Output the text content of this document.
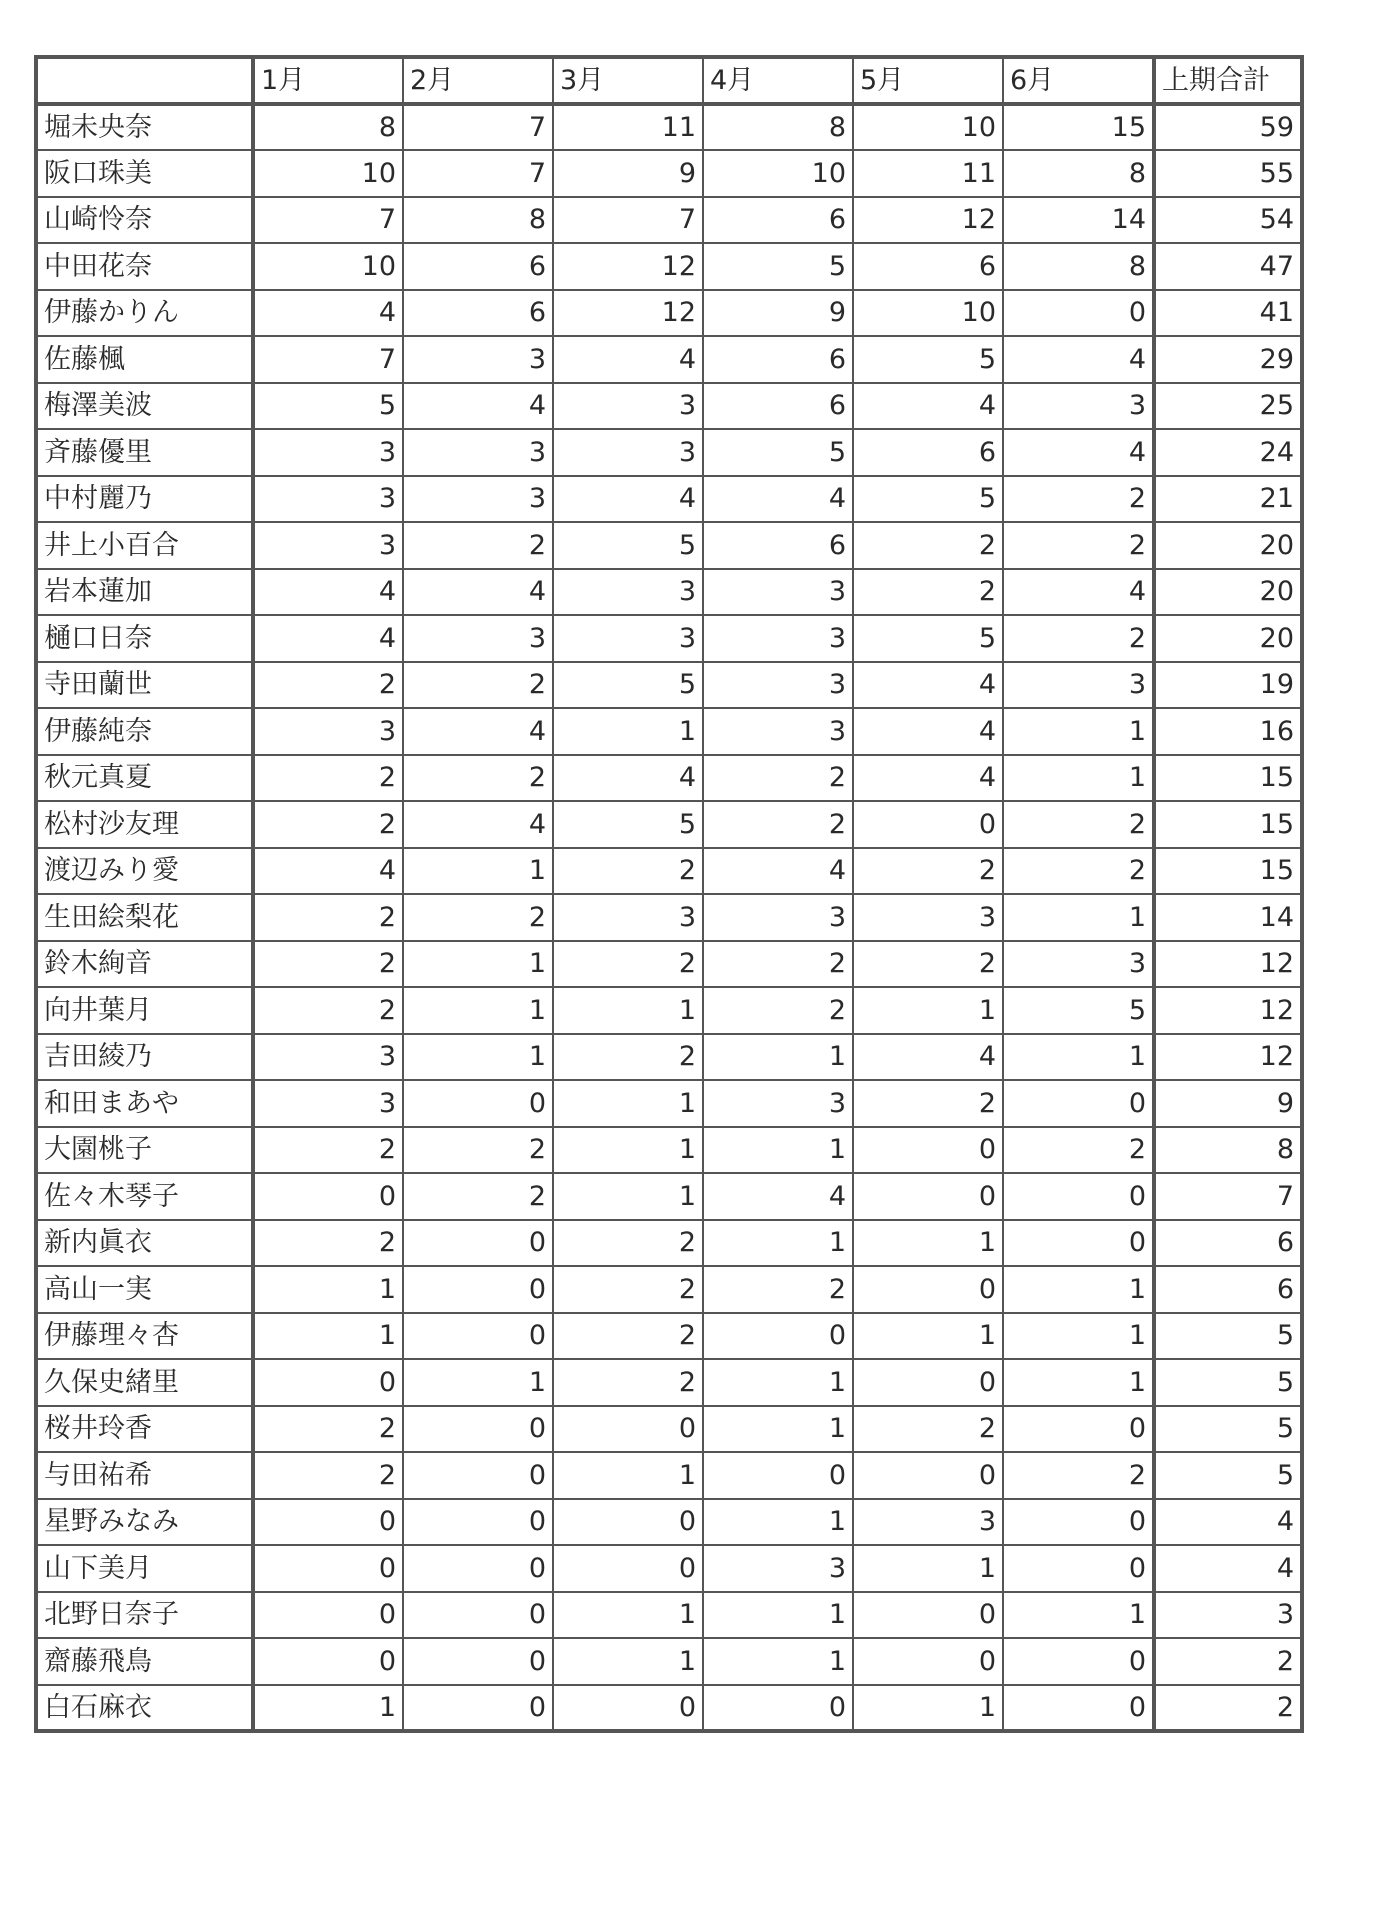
	1月	2月	3月	4月	5月	6月	上期合計
堀未央奈	8	7	11	8	10	15	59
阪口珠美	10	7	9	10	11	8	55
山崎怜奈	7	8	7	6	12	14	54
中田花奈	10	6	12	5	6	8	47
伊藤かりん	4	6	12	9	10	0	41
佐藤楓	7	3	4	6	5	4	29
梅澤美波	5	4	3	6	4	3	25
斉藤優里	3	3	3	5	6	4	24
中村麗乃	3	3	4	4	5	2	21
井上小百合	3	2	5	6	2	2	20
岩本蓮加	4	4	3	3	2	4	20
樋口日奈	4	3	3	3	5	2	20
寺田蘭世	2	2	5	3	4	3	19
伊藤純奈	3	4	1	3	4	1	16
秋元真夏	2	2	4	2	4	1	15
松村沙友理	2	4	5	2	0	2	15
渡辺みり愛	4	1	2	4	2	2	15
生田絵梨花	2	2	3	3	3	1	14
鈴木絢音	2	1	2	2	2	3	12
向井葉月	2	1	1	2	1	5	12
吉田綾乃	3	1	2	1	4	1	12
和田まあや	3	0	1	3	2	0	9
大園桃子	2	2	1	1	0	2	8
佐々木琴子	0	2	1	4	0	0	7
新内眞衣	2	0	2	1	1	0	6
高山一実	1	0	2	2	0	1	6
伊藤理々杏	1	0	2	0	1	1	5
久保史緒里	0	1	2	1	0	1	5
桜井玲香	2	0	0	1	2	0	5
与田祐希	2	0	1	0	0	2	5
星野みなみ	0	0	0	1	3	0	4
山下美月	0	0	0	3	1	0	4
北野日奈子	0	0	1	1	0	1	3
齋藤飛鳥	0	0	1	1	0	0	2
白石麻衣	1	0	0	0	1	0	2
